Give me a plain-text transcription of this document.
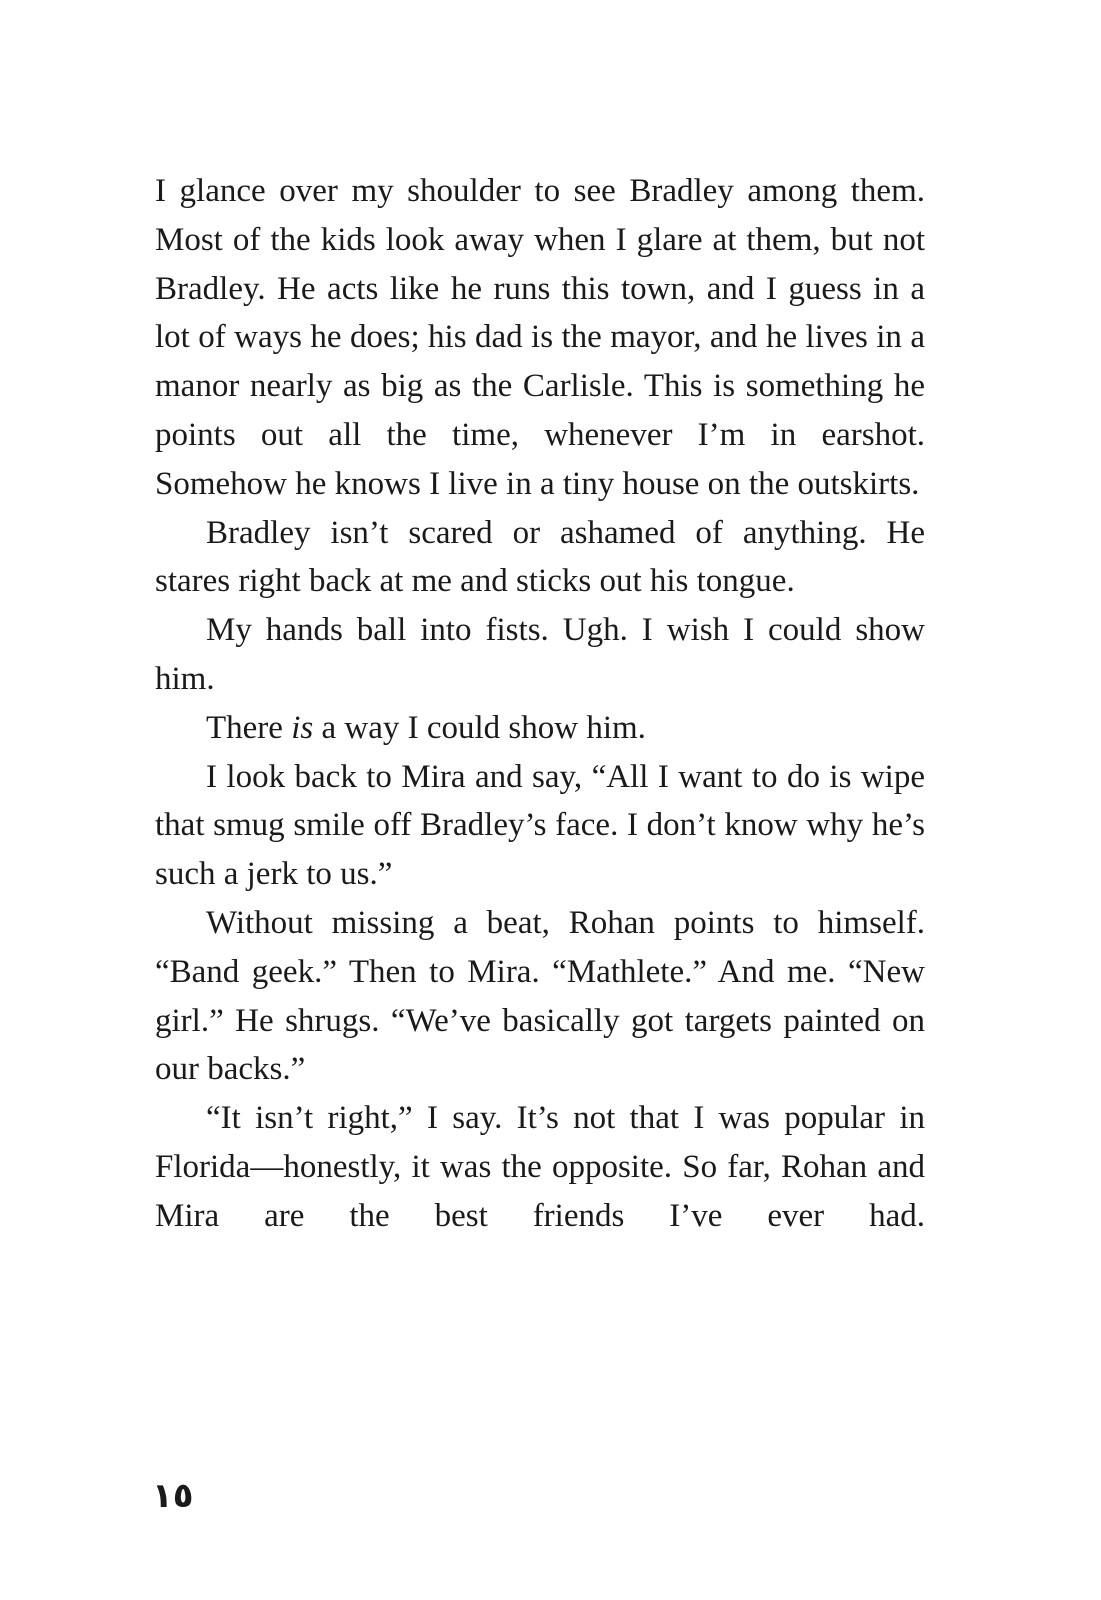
I glance over my shoulder to see Bradley among them. Most of the kids look away when I glare at them, but not Bradley. He acts like he runs this town, and I guess in a lot of ways he does; his dad is the mayor, and he lives in a manor nearly as big as the Carlisle. This is something he points out all the time, whenever I’m in earshot. Somehow he knows I live in a tiny house on the outskirts.

Bradley isn’t scared or ashamed of anything. He stares right back at me and sticks out his tongue.

My hands ball into fists. Ugh. I wish I could show him.

There is a way I could show him.

I look back to Mira and say, “All I want to do is wipe that smug smile off Bradley’s face. I don’t know why he’s such a jerk to us.”

Without missing a beat, Rohan points to himself. “Band geek.” Then to Mira. “Mathlete.” And me. “New girl.” He shrugs. “We’ve basically got targets painted on our backs.”

“It isn’t right,” I say. It’s not that I was popular in Florida—honestly, it was the opposite. So far, Rohan and Mira are the best friends I’ve ever had.

١٥
